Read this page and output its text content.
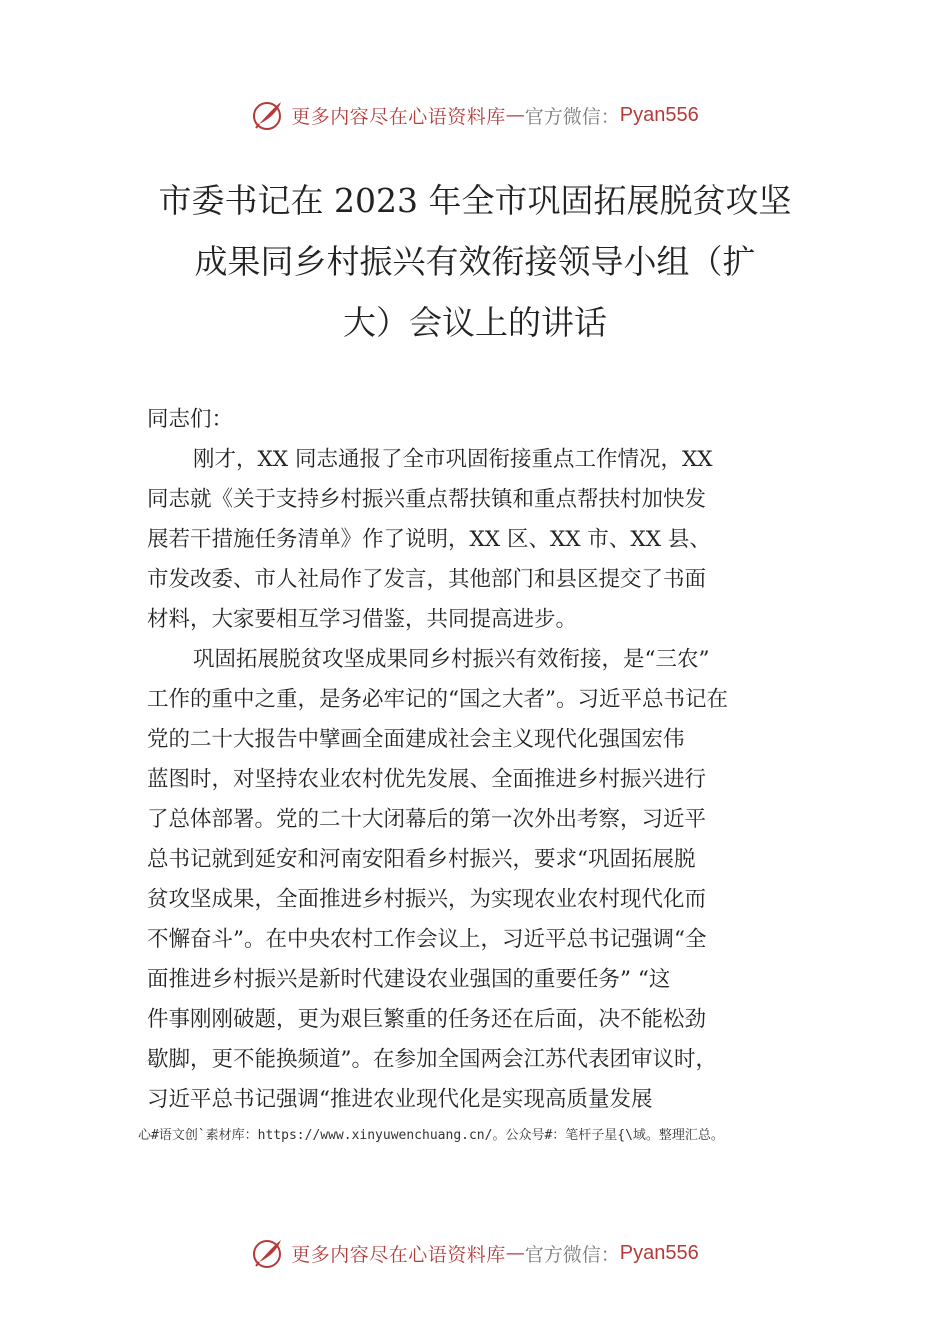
更多内容尽在心语资料库 — 官方微信： Pyan556
市委书记在 2023 年全市巩固拓展脱贫攻坚
成果同乡村振兴有效衔接领导小组（扩
大）会议上的讲话

同志们：

刚才，XX 同志通报了全市巩固衔接重点工作情况，XX

同志就《关于支持乡村振兴重点帮扶镇和重点帮扶村加快发

展若干措施任务清单》作了说明，XX 区、XX 市、XX 县、

市发改委、市人社局作了发言，其他部门和县区提交了书面

材料，大家要相互学习借鉴，共同提高进步。

巩固拓展脱贫攻坚成果同乡村振兴有效衔接，是“三农”

工作的重中之重，是务必牢记的“国之大者”。习近平总书记在

党的二十大报告中擘画全面建成社会主义现代化强国宏伟

蓝图时，对坚持农业农村优先发展、全面推进乡村振兴进行

了总体部署。党的二十大闭幕后的第一次外出考察，习近平

总书记就到延安和河南安阳看乡村振兴，要求“巩固拓展脱

贫攻坚成果，全面推进乡村振兴，为实现农业农村现代化而

不懈奋斗”。在中央农村工作会议上，习近平总书记强调“全

面推进乡村振兴是新时代建设农业强国的重要任务” “这

件事刚刚破题，更为艰巨繁重的任务还在后面，决不能松劲

歇脚，更不能换频道”。在参加全国两会江苏代表团审议时，

习近平总书记强调“推进农业现代化是实现高质量发展

心#语文创`素材库：https://www.xinyuwenchuang.cn/。公众号#：笔杆子星{\域。整理汇总。
更多内容尽在心语资料库 — 官方微信： Pyan556
